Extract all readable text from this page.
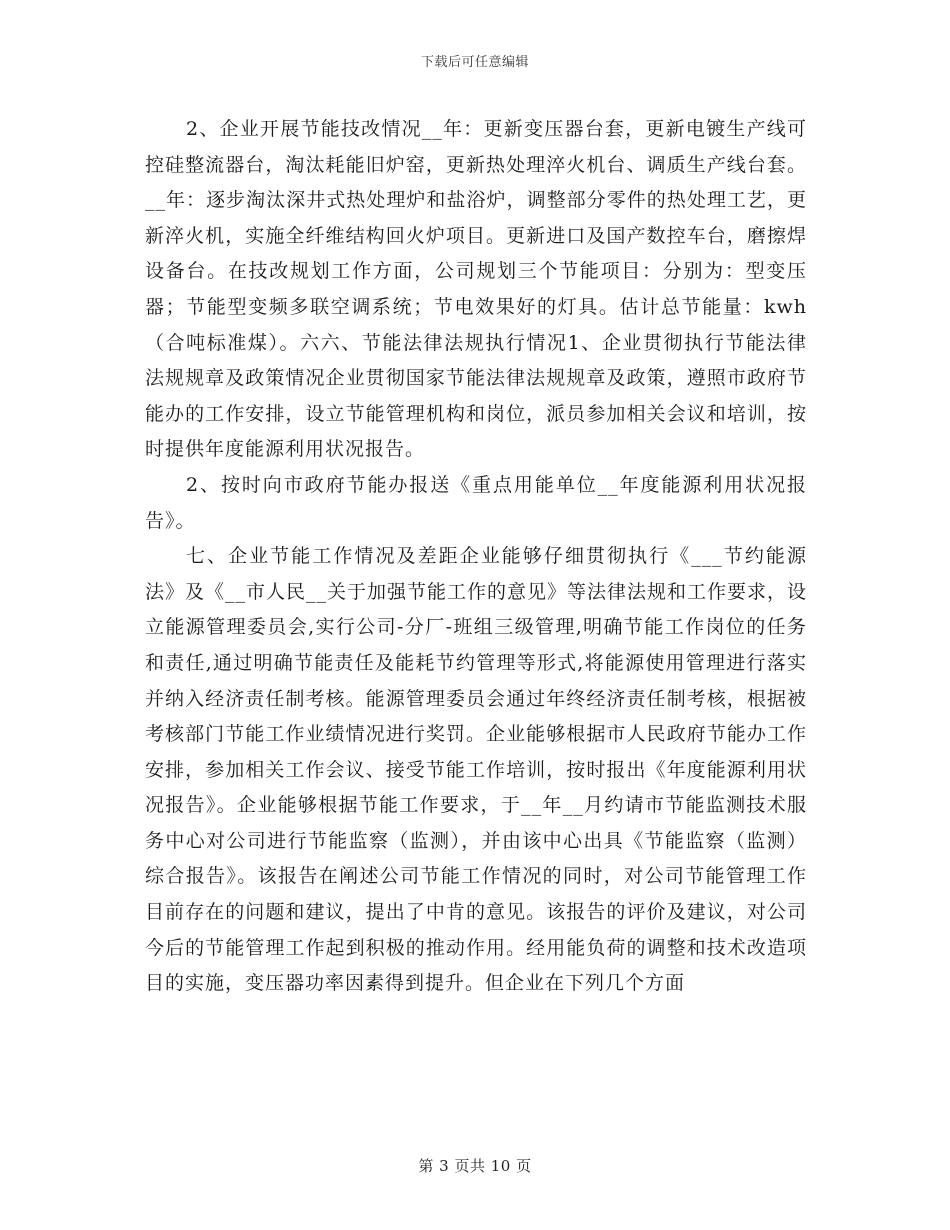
下载后可任意编辑

2、企业开展节能技改情况__年：更新变压器台套，更新电镀生产线可控硅整流器台，淘汰耗能旧炉窑，更新热处理淬火机台、调质生产线台套。__年：逐步淘汰深井式热处理炉和盐浴炉，调整部分零件的热处理工艺，更新淬火机，实施全纤维结构回火炉项目。更新进口及国产数控车台，磨擦焊设备台。在技改规划工作方面，公司规划三个节能项目：分别为：型变压器；节能型变频多联空调系统；节电效果好的灯具。估计总节能量：kwh（合吨标准煤）。六六、节能法律法规执行情况1、企业贯彻执行节能法律法规规章及政策情况企业贯彻国家节能法律法规规章及政策，遵照市政府节能办的工作安排，设立节能管理机构和岗位，派员参加相关会议和培训，按时提供年度能源利用状况报告。

2、按时向市政府节能办报送《重点用能单位__年度能源利用状况报告》。

七、企业节能工作情况及差距企业能够仔细贯彻执行《___节约能源法》及《__市人民__关于加强节能工作的意见》等法律法规和工作要求，设立能源管理委员会,实行公司-分厂-班组三级管理,明确节能工作岗位的任务和责任,通过明确节能责任及能耗节约管理等形式,将能源使用管理进行落实并纳入经济责任制考核。能源管理委员会通过年终经济责任制考核，根据被考核部门节能工作业绩情况进行奖罚。企业能够根据市人民政府节能办工作安排，参加相关工作会议、接受节能工作培训，按时报出《年度能源利用状况报告》。企业能够根据节能工作要求，于__年__月约请市节能监测技术服务中心对公司进行节能监察（监测），并由该中心出具《节能监察（监测）综合报告》。该报告在阐述公司节能工作情况的同时，对公司节能管理工作目前存在的问题和建议，提出了中肯的意见。该报告的评价及建议，对公司今后的节能管理工作起到积极的推动作用。经用能负荷的调整和技术改造项目的实施，变压器功率因素得到提升。但企业在下列几个方面

第 3 页共 10 页
